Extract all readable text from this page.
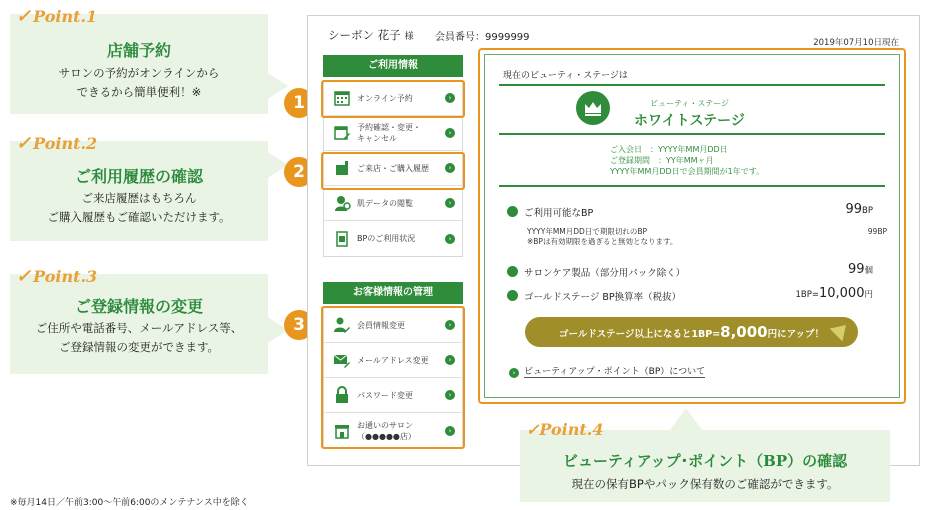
✓ Point.1
店舗予約
サロンの予約がオンラインから
できるから簡単便利！※
✓ Point.2
ご利用履歴の確認
ご来店履歴はもちろん
ご購入履歴もご確認いただけます。
✓ Point.3
ご登録情報の変更
ご住所や電話番号、メールアドレス等、
ご登録情報の変更ができます。
1
2
3
シーボン 花子 様 会員番号：9999999	2019年07月10日現在
ご利用情報
オンライン予約	›
予約確認・変更・
キャンセル
›
ご来店・ご購入履歴	›
肌データの閲覧	›
BPのご利用状況	›
お客様情報の管理
会員情報変更	›
メールアドレス変更	›
パスワード変更	›
お通いのサロン
（●●●●●店）
›
現在のビューティ・ステージは
ビューティ・ステージ
ホワイトステージ
ご入会日　：YYYY年MM月DD日
ご登録期間　：YY年MMヶ月
YYYY年MM月DD日で会員期間が1年です。
ご利用可能なBP	99BP
YYYY年MM月DD日で期限切れのBP
※BPは有効期限を過ぎると無効となります。
99BP
サロンケア製品（部分用パック除く）	99個
ゴールドステージ BP換算率（税抜）	1BP=10,000円
ゴールドステージ以上になると1BP=8,000円にアップ！
› ビューティアップ・ポイント（BP）について
✓Point.4
ビューティアップ･ポイント（BP）の確認
現在の保有BPやパック保有数のご確認ができます。
※毎月14日／午前3:00〜午前6:00のメンテナンス中を除く
